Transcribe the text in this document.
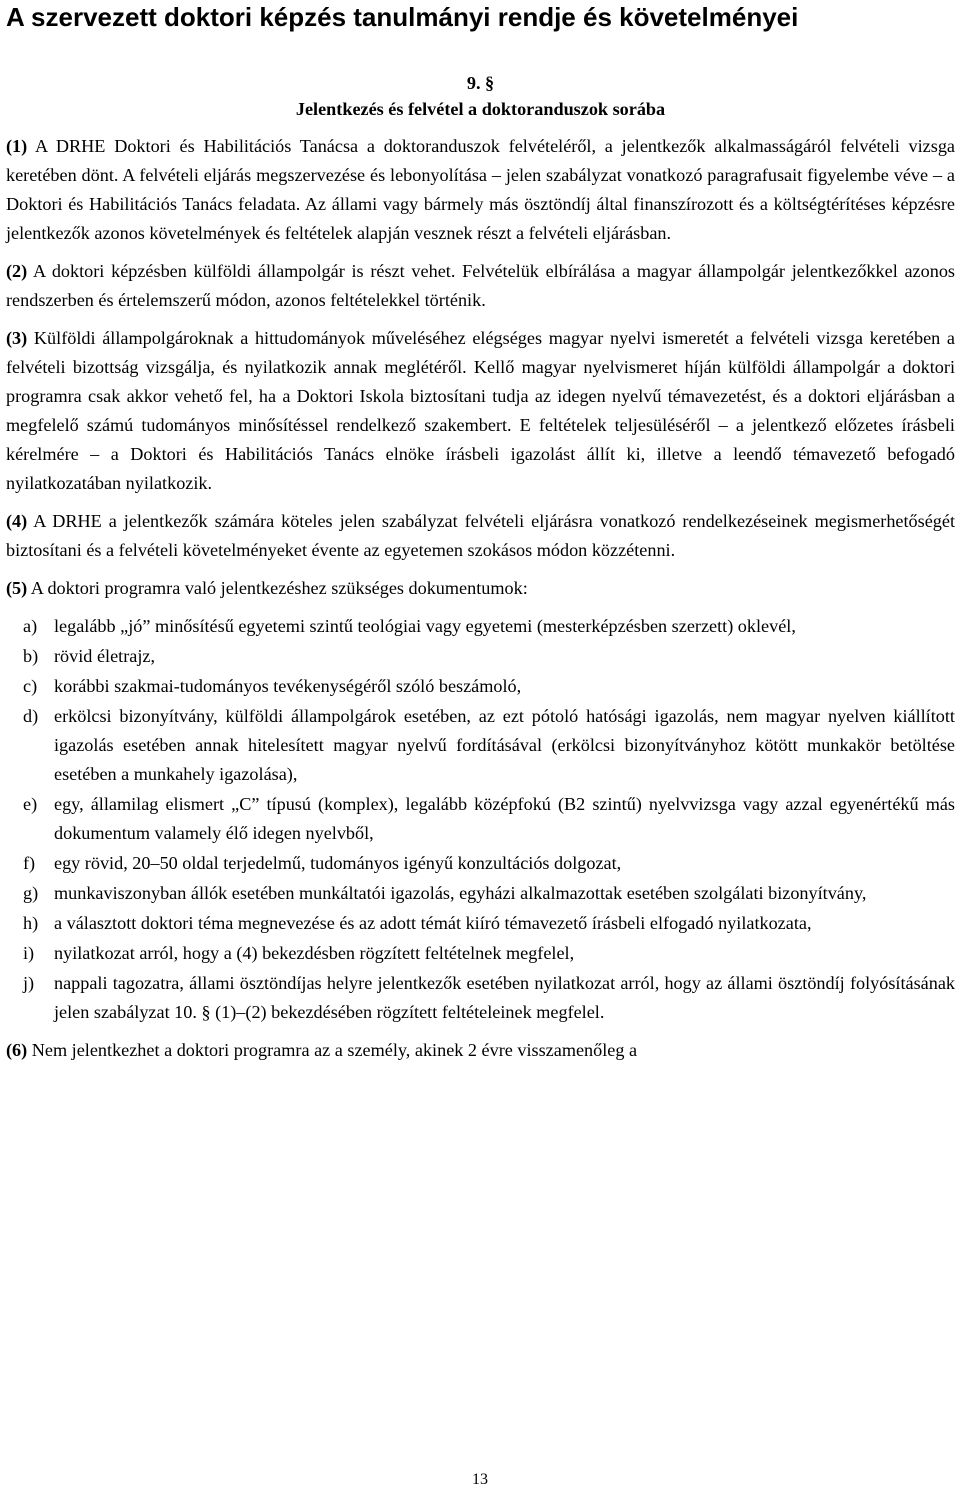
A szervezett doktori képzés tanulmányi rendje és követelményei

9. §

Jelentkezés és felvétel a doktoranduszok sorába

(1) A DRHE Doktori és Habilitációs Tanácsa a doktoranduszok felvételéről, a jelentkezők alkalmasságáról felvételi vizsga keretében dönt. A felvételi eljárás megszervezése és lebonyolítása – jelen szabályzat vonatkozó paragrafusait figyelembe véve – a Doktori és Habilitációs Tanács feladata. Az állami vagy bármely más ösztöndíj által finanszírozott és a költségtérítéses képzésre jelentkezők azonos követelmények és feltételek alapján vesznek részt a felvételi eljárásban.

(2) A doktori képzésben külföldi állampolgár is részt vehet. Felvételük elbírálása a magyar állampolgár jelentkezőkkel azonos rendszerben és értelemszerű módon, azonos feltételekkel történik.

(3) Külföldi állampolgároknak a hittudományok műveléséhez elégséges magyar nyelvi ismeretét a felvételi vizsga keretében a felvételi bizottság vizsgálja, és nyilatkozik annak meglétéről. Kellő magyar nyelvismeret híján külföldi állampolgár a doktori programra csak akkor vehető fel, ha a Doktori Iskola biztosítani tudja az idegen nyelvű témavezetést, és a doktori eljárásban a megfelelő számú tudományos minősítéssel rendelkező szakembert. E feltételek teljesüléséről – a jelentkező előzetes írásbeli kérelmére – a Doktori és Habilitációs Tanács elnöke írásbeli igazolást állít ki, illetve a leendő témavezető befogadó nyilatkozatában nyilatkozik.

(4) A DRHE a jelentkezők számára köteles jelen szabályzat felvételi eljárásra vonatkozó rendelkezéseinek megismerhetőségét biztosítani és a felvételi követelményeket évente az egyetemen szokásos módon közzétenni.

(5) A doktori programra való jelentkezéshez szükséges dokumentumok:

a) legalább „jó” minősítésű egyetemi szintű teológiai vagy egyetemi (mesterképzésben szerzett) oklevél,
b) rövid életrajz,
c) korábbi szakmai-tudományos tevékenységéről szóló beszámoló,
d) erkölcsi bizonyítvány, külföldi állampolgárok esetében, az ezt pótoló hatósági igazolás, nem magyar nyelven kiállított igazolás esetében annak hitelesített magyar nyelvű fordításával (erkölcsi bizonyítványhoz kötött munkakör betöltése esetében a munkahely igazolása),
e) egy, államilag elismert „C” típusú (komplex), legalább középfokú (B2 szintű) nyelvvizsga vagy azzal egyenértékű más dokumentum valamely élő idegen nyelvből,
f)	egy rövid, 20–50 oldal terjedelmű, tudományos igényű konzultációs dolgozat,
g) munkaviszonyban állók esetében munkáltatói igazolás, egyházi alkalmazottak esetében szolgálati bizonyítvány,
h) a választott doktori téma megnevezése és az adott témát kiíró témavezető írásbeli elfogadó nyilatkozata,
i)	nyilatkozat arról, hogy a (4) bekezdésben rögzített feltételnek megfelel,
j)	nappali tagozatra, állami ösztöndíjas helyre jelentkezők esetében nyilatkozat arról, hogy az állami ösztöndíj folyósításának jelen szabályzat 10. § (1)–(2) bekezdésében rögzített feltételeinek megfelel.

(6) Nem jelentkezhet a doktori programra az a személy, akinek 2 évre visszamenőleg a

13
